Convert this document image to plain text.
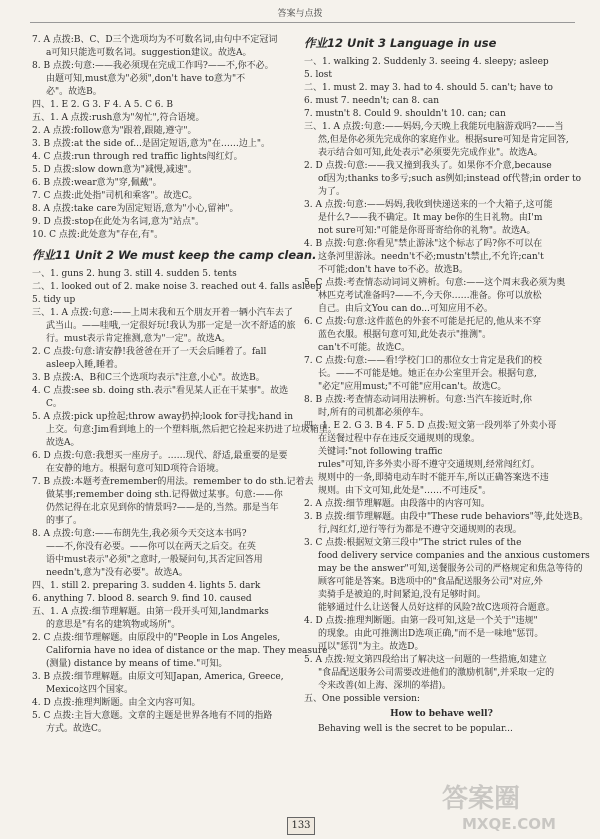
答案与点拨
7. A 点拨:B、C、D三个选项均为不可数名词,由句中不定冠词
a可知只能选可数名词。suggestion建议。故选A。
8. B 点拨:句意:——我必须现在完成工作吗?——不,你不必。
由题可知,must意为"必须",don't have to意为"不
必"。故选B。
四、1. E 2. G 3. F 4. A 5. C 6. B
五、1. A 点拨:rush意为"匆忙",符合语境。
2. A 点拨:follow意为"跟着,跟随,遵守"。
3. B 点拨:at the side of...是固定短语,意为"在……边上"。
4. C 点拨:run through red traffic lights闯红灯。
5. D 点拨:slow down意为"减慢,减速"。
6. B 点拨:wear意为"穿,佩戴"。
7. C 点拨:此处指"司机和乘客"。故选C。
8. A 点拨:take care为固定短语,意为"小心,留神"。
9. D 点拨:stop在此处为名词,意为"站点"。
10. C 点拨:此处意为"存在,有"。
作业11 Unit 2 We must keep the camp clean.
一、1. guns 2. hung 3. still 4. sudden 5. tents
二、1. looked out of 2. make noise 3. reached out 4. falls asleep
5. tidy up
三、1. A 点拨:句意:——上周末我和五个朋友开着一辆小汽车去了
武当山。——哇哦,一定很好玩!我认为那一定是一次不舒适的旅
行。must表示肯定推测,意为"一定"。故选A。
2. C 点拨:句意:请安静!我爸爸在开了一天会后睡着了。fall
asleep入睡,睡着。
3. B 点拨:A、B和C三个选项均表示"注意,小心"。故选B。
4. C 点拨:see sb. doing sth.表示"看见某人正在干某事"。故选
C。
5. A 点拨:pick up捡起;throw away扔掉;look for寻找;hand in
上交。句意:Jim看到地上的一个塑料瓶,然后把它捡起来扔进了垃圾箱里。
故选A。
6. D 点拨:句意:我想买一座房子。……现代、舒适,最重要的是要
在安静的地方。根据句意可知D项符合语境。
7. B 点拨:本题考查remember的用法。remember to do sth.记着去
做某事;remember doing sth.记得做过某事。句意:——你
仍然记得在北京见到你的情景吗?——是的,当然。那是当年
的事了。
8. A 点拨:句意:——布朗先生,我必须今天交这本书吗?
——不,你没有必要。——你可以在两天之后交。在英
语中must表示"必须"之意时,一般疑问句,其否定回答用
needn't,意为"没有必要"。故选A。
四、1. still 2. preparing 3. sudden 4. lights 5. dark
6. anything 7. blood 8. search 9. find 10. caused
五、1. A 点拨:细节理解题。由第一段开头可知,landmarks
的意思是"有名的建筑物或场所"。
2. C 点拨:细节理解题。由原段中的"People in Los Angeles,
California have no idea of distance or the map. They measure
(测量) distance by means of time."可知。
3. B 点拨:细节理解题。由原文可知Japan, America, Greece,
Mexico这四个国家。
4. D 点拨:推理判断题。由全文内容可知。
5. C 点拨:主旨大意题。文章的主题是世界各地有不同的指路
方式。故选C。
作业12 Unit 3 Language in use
一、1. walking 2. Suddenly 3. seeing 4. sleepy; asleep
5. lost
二、1. must 2. may 3. had to 4. should 5. can't; have to
6. must 7. needn't; can 8. can
7. mustn't 8. Could 9. shouldn't 10. can; can
三、1. A 点拨:句意:——妈妈,今天晚上我能玩电脑游戏吗?——当
然,但是你必须先完成你的家庭作业。根据sure可知是肯定回答,
表示结合如可知,此处表示"必须要先完成作业"。故选A。
2. D 点拨:句意:——我又撞到我头了。如果你不介意,because
of因为;thanks to多亏;such as例如;instead of代替;in order to
为了。
3. A 点拨:句意:——妈妈,我收到快递送来的一个大箱子,这可能
是什么?——我不确定。It may be你的生日礼物。由I'm
not sure可知:"可能是你哥哥寄给你的礼物"。故选A。
4. B 点拨:句意:你看见"禁止游泳"这个标志了吗?你不可以在
这条河里游泳。needn't不必;mustn't禁止,不允许;can't
不可能;don't have to不必。故选B。
5. C 点拨:考查情态动词词义辨析。句意:——这个周末我必须为奥
林匹克考试准备吗?——不,今天你……准备。你可以放松
自己。由后文You can do...可知应用不必。
6. C 点拨:句意:这件蓝色的外套不可能是托尼的,他从来不穿
蓝色衣服。根据句意可知,此处表示"推测"。
can't不可能。故选C。
7. C 点拨:句意:——看!学校门口的那位女士肯定是我们的校
长。——不可能是她。她正在办公室里开会。根据句意,
"必定"应用must;"不可能"应用can't。故选C。
8. B 点拨:考查情态动词用法辨析。句意:当汽车接近时,你
时,所有的司机都必须停车。
四、1. E 2. G 3. B 4. F 5. D 点拨:短文第一段列举了外卖小哥
在送餐过程中存在违反交通规则的现象。
关键词:"not following traffic
rules"可知,许多外卖小哥不遵守交通规则,经常闯红灯。
规则中的一条,即骑电动车时不能开车,所以正确答案选不违
规则。由下文可知,此处是"……不可违反"。
2. A 点拨:细节理解题。由段落中的内容可知。
3. B 点拨:细节理解题。由段中"These rude behaviors"等,此处选B。
行,闯红灯,逆行等行为都是不遵守交通规则的表现。
3. C 点拨:根据短文第三段中"The strict rules of the
food delivery service companies and the anxious customers
may be the answer"可知,送餐服务公司的严格规定和焦急等待的
顾客可能是答案。B选项中的"食品配送服务公司"对应,外
卖骑手是被迫的,时间紧迫,没有足够时间。
能够通过什么让送餐人员好这样的风险?故C选项符合题意。
4. D 点拨:推理判断题。由第一段可知,这是一个关于"违规"
的现象。由此可推测出D选项正确,"而不是一味地"惩罚。
可以"惩罚"为主。故选D。
5. A 点拨:短文第四段给出了解决这一问题的一些措施,如建立
"食品配送服务公司需要改进他们的激励机制",并采取一定的
令来改善(如上海、深圳的举措)。
五、One possible version:
How to behave well?
Behaving well is the secret to be popular...
133
答案圈
MXQE.COM
